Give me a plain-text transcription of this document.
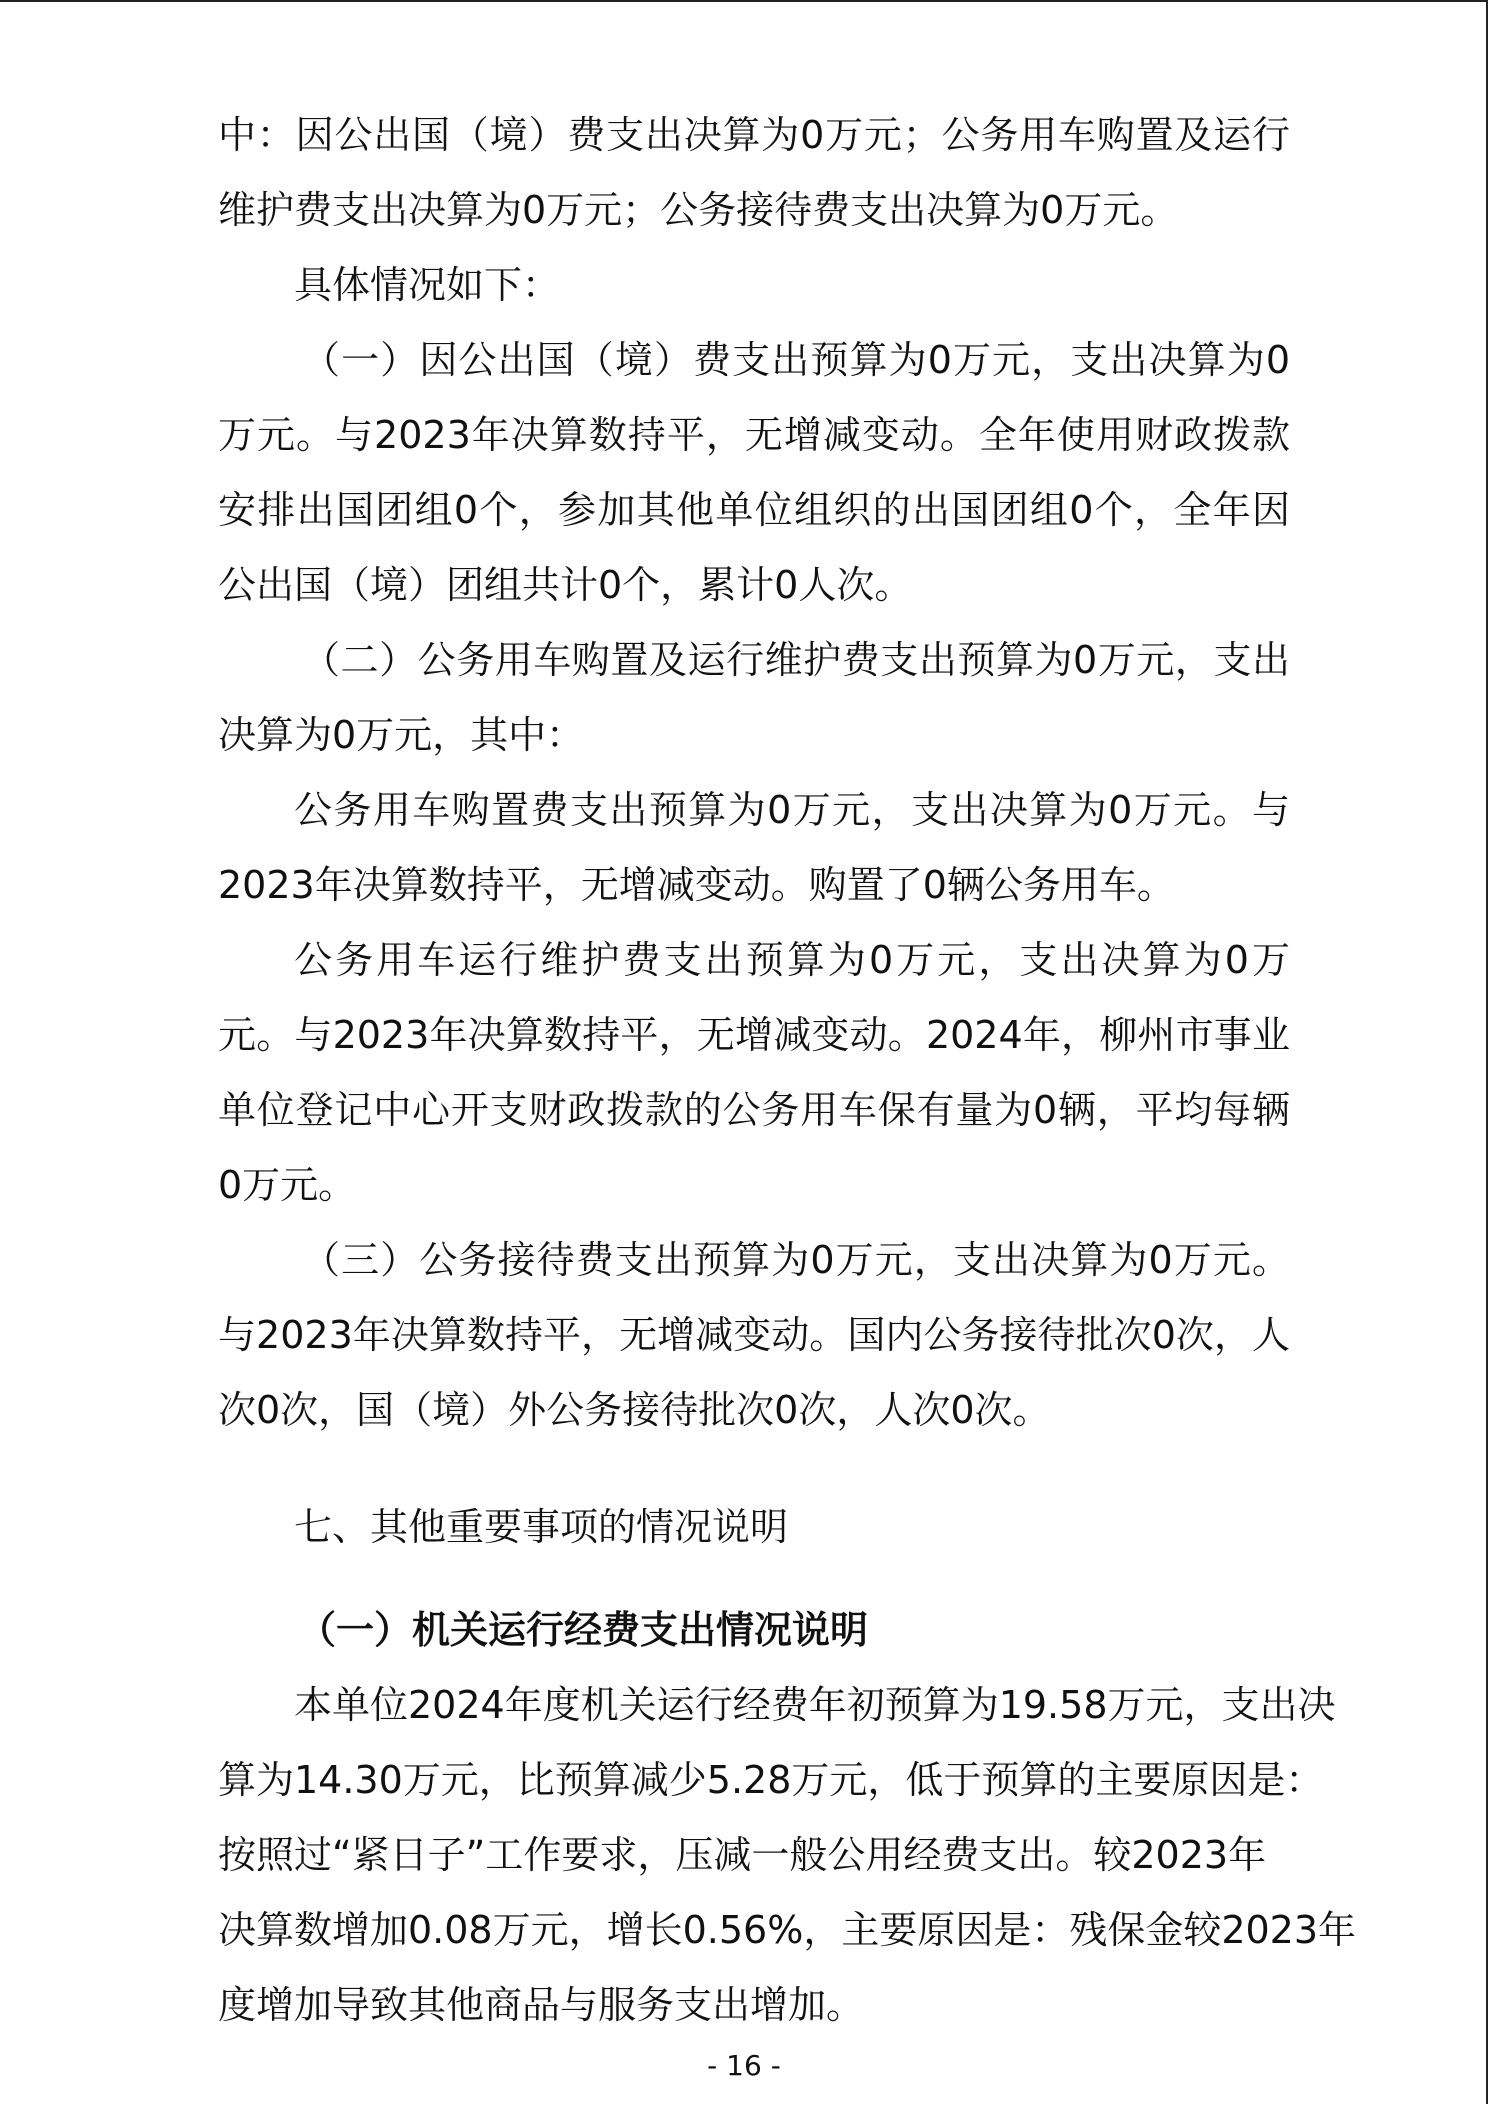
中：因公出国（境）费支出决算为0万元；公务用车购置及运行维护费支出决算为0万元；公务接待费支出决算为0万元。

具体情况如下：

（一）因公出国（境）费支出预算为0万元，支出决算为0万元。与2023年决算数持平，无增减变动。全年使用财政拨款安排出国团组0个，参加其他单位组织的出国团组0个，全年因公出国（境）团组共计0个，累计0人次。

（二）公务用车购置及运行维护费支出预算为0万元，支出决算为0万元，其中：

公务用车购置费支出预算为0万元，支出决算为0万元。与2023年决算数持平，无增减变动。购置了0辆公务用车。

公务用车运行维护费支出预算为0万元，支出决算为0万元。与2023年决算数持平，无增减变动。2024年，柳州市事业单位登记中心开支财政拨款的公务用车保有量为0辆，平均每辆0万元。

（三）公务接待费支出预算为0万元，支出决算为0万元。与2023年决算数持平，无增减变动。国内公务接待批次0次，人次0次，国（境）外公务接待批次0次，人次0次。

七、其他重要事项的情况说明
（一）机关运行经费支出情况说明
本单位2024年度机关运行经费年初预算为19.58万元，支出决
算为14.30万元，比预算减少5.28万元，低于预算的主要原因是：
按照过“紧日子”工作要求，压减一般公用经费支出。较2023年
决算数增加0.08万元，增长0.56%，主要原因是：残保金较2023年
度增加导致其他商品与服务支出增加。
- 16 -
